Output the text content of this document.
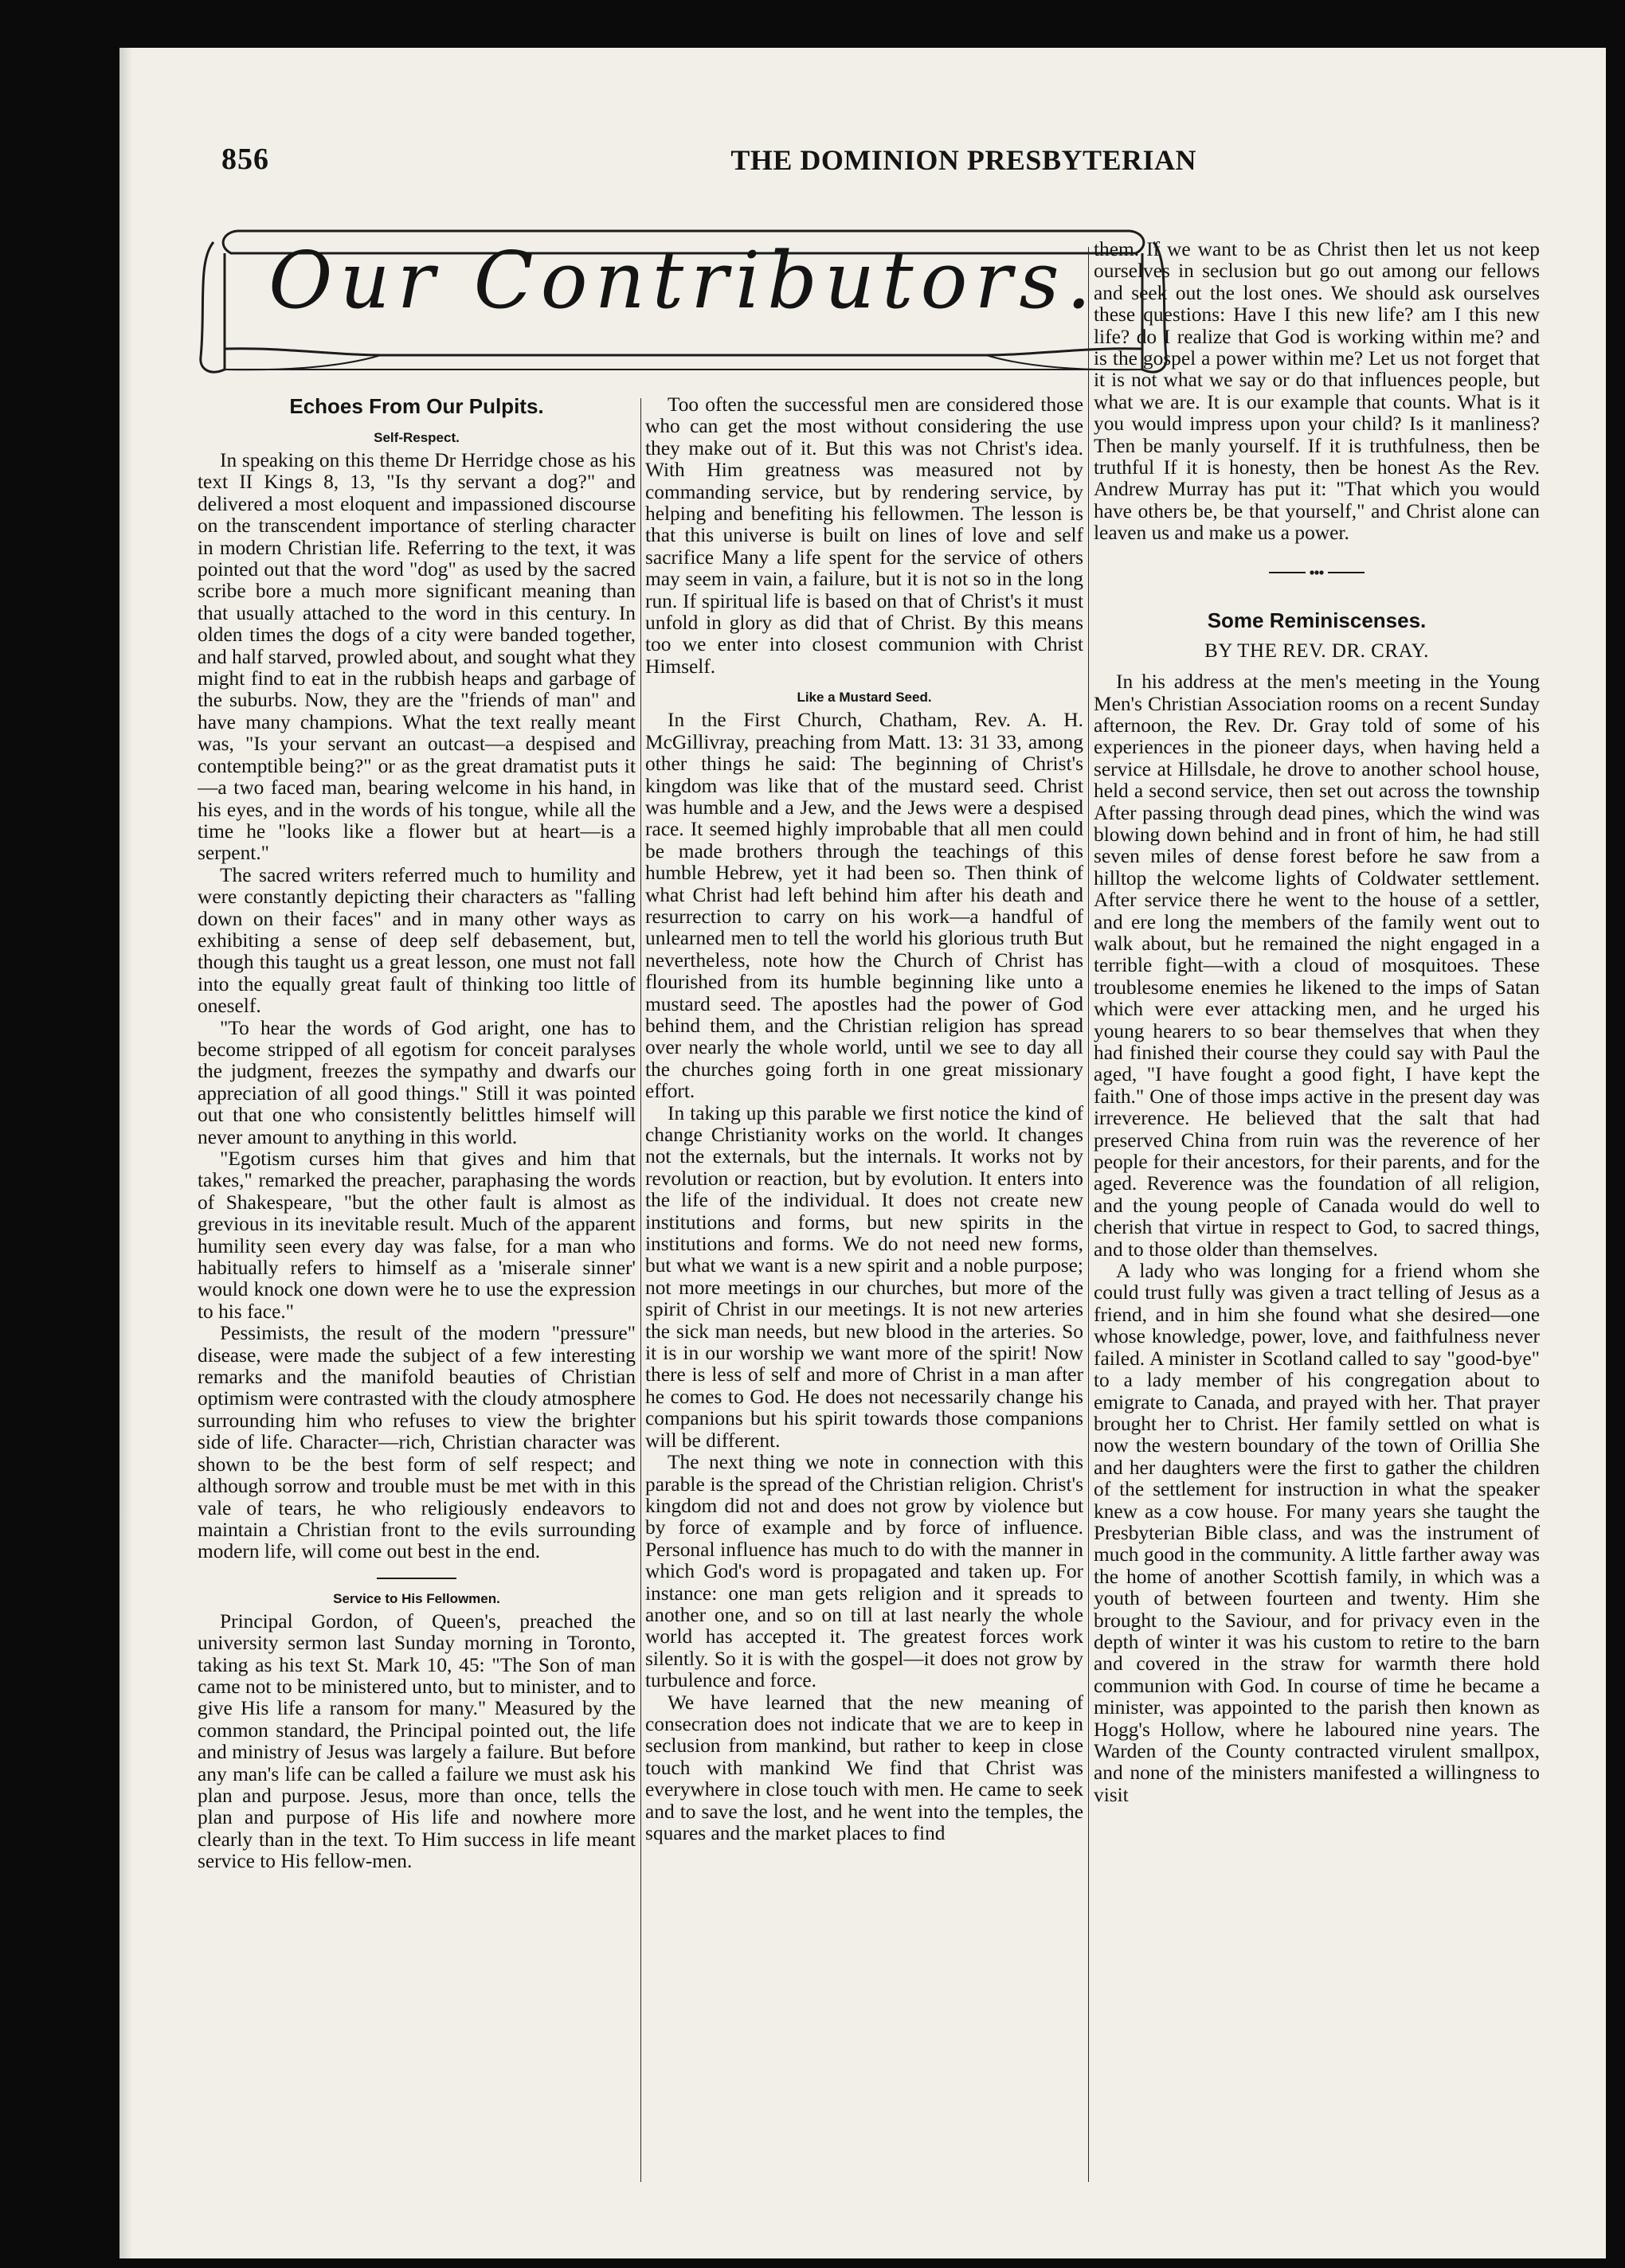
856	THE DOMINION PRESBYTERIAN
Our Contributors.
Echoes From Our Pulpits.
Self-Respect.

In speaking on this theme Dr Herridge chose as his text II Kings 8, 13, "Is thy servant a dog?" and delivered a most eloquent and impassioned discourse on the transcendent importance of sterling character in modern Christian life. Referring to the text, it was pointed out that the word "dog" as used by the sacred scribe bore a much more significant meaning than that usually attached to the word in this century. In olden times the dogs of a city were banded together, and half starved, prowled about, and sought what they might find to eat in the rubbish heaps and garbage of the suburbs. Now, they are the "friends of man" and have many champions. What the text really meant was, "Is your servant an outcast—a despised and contemptible being?" or as the great dramatist puts it—a two faced man, bearing welcome in his hand, in his eyes, and in the words of his tongue, while all the time he "looks like a flower but at heart—is a serpent."

The sacred writers referred much to humility and were constantly depicting their characters as "falling down on their faces" and in many other ways as exhibiting a sense of deep self debasement, but, though this taught us a great lesson, one must not fall into the equally great fault of thinking too little of oneself.

"To hear the words of God aright, one has to become stripped of all egotism for conceit paralyses the judgment, freezes the sympathy and dwarfs our appreciation of all good things." Still it was pointed out that one who consistently belittles himself will never amount to anything in this world.

"Egotism curses him that gives and him that takes," remarked the preacher, paraphasing the words of Shakespeare, "but the other fault is almost as grevious in its inevitable result. Much of the apparent humility seen every day was false, for a man who habitually refers to himself as a 'miserale sinner' would knock one down were he to use the expression to his face."

Pessimists, the result of the modern "pressure" disease, were made the subject of a few interesting remarks and the manifold beauties of Christian optimism were contrasted with the cloudy atmosphere surrounding him who refuses to view the brighter side of life. Character—rich, Christian character was shown to be the best form of self respect; and although sorrow and trouble must be met with in this vale of tears, he who religiously endeavors to maintain a Christian front to the evils surrounding modern life, will come out best in the end.

Service to His Fellowmen.

Principal Gordon, of Queen's, preached the university sermon last Sunday morning in Toronto, taking as his text St. Mark 10, 45: "The Son of man came not to be ministered unto, but to minister, and to give His life a ransom for many." Measured by the common standard, the Principal pointed out, the life and ministry of Jesus was largely a failure. But before any man's life can be called a failure we must ask his plan and purpose. Jesus, more than once, tells the plan and purpose of His life and nowhere more clearly than in the text. To Him success in life meant service to His fellow-men.

Too often the successful men are considered those who can get the most without considering the use they make out of it. But this was not Christ's idea. With Him greatness was measured not by commanding service, but by rendering service, by helping and benefiting his fellowmen. The lesson is that this universe is built on lines of love and self sacrifice Many a life spent for the service of others may seem in vain, a failure, but it is not so in the long run. If spiritual life is based on that of Christ's it must unfold in glory as did that of Christ. By this means too we enter into closest communion with Christ Himself.

Like a Mustard Seed.

In the First Church, Chatham, Rev. A. H. McGillivray, preaching from Matt. 13: 31 33, among other things he said: The beginning of Christ's kingdom was like that of the mustard seed. Christ was humble and a Jew, and the Jews were a despised race. It seemed highly improbable that all men could be made brothers through the teachings of this humble Hebrew, yet it had been so. Then think of what Christ had left behind him after his death and resurrection to carry on his work—a handful of unlearned men to tell the world his glorious truth But nevertheless, note how the Church of Christ has flourished from its humble beginning like unto a mustard seed. The apostles had the power of God behind them, and the Christian religion has spread over nearly the whole world, until we see to day all the churches going forth in one great missionary effort.

In taking up this parable we first notice the kind of change Christianity works on the world. It changes not the externals, but the internals. It works not by revolution or reaction, but by evolution. It enters into the life of the individual. It does not create new institutions and forms, but new spirits in the institutions and forms. We do not need new forms, but what we want is a new spirit and a noble purpose; not more meetings in our churches, but more of the spirit of Christ in our meetings. It is not new arteries the sick man needs, but new blood in the arteries. So it is in our worship we want more of the spirit! Now there is less of self and more of Christ in a man after he comes to God. He does not necessarily change his companions but his spirit towards those companions will be different.

The next thing we note in connection with this parable is the spread of the Christian religion. Christ's kingdom did not and does not grow by violence but by force of example and by force of influence. Personal influence has much to do with the manner in which God's word is propagated and taken up. For instance: one man gets religion and it spreads to another one, and so on till at last nearly the whole world has accepted it. The greatest forces work silently. So it is with the gospel—it does not grow by turbulence and force.

We have learned that the new meaning of consecration does not indicate that we are to keep in seclusion from mankind, but rather to keep in close touch with mankind We find that Christ was everywhere in close touch with men. He came to seek and to save the lost, and he went into the temples, the squares and the market places to find

them. If we want to be as Christ then let us not keep ourselves in seclusion but go out among our fellows and seek out the lost ones. We should ask ourselves these questions: Have I this new life? am I this new life? do I realize that God is working within me? and is the gospel a power within me? Let us not forget that it is not what we say or do that influences people, but what we are. It is our example that counts. What is it you would impress upon your child? Is it manliness? Then be manly yourself. If it is truthfulness, then be truthful If it is honesty, then be honest As the Rev. Andrew Murray has put it: "That which you would have others be, be that yourself," and Christ alone can leaven us and make us a power.

Some Reminiscenses.
BY THE REV. DR. CRAY.

In his address at the men's meeting in the Young Men's Christian Association rooms on a recent Sunday afternoon, the Rev. Dr. Gray told of some of his experiences in the pioneer days, when having held a service at Hillsdale, he drove to another school house, held a second service, then set out across the township After passing through dead pines, which the wind was blowing down behind and in front of him, he had still seven miles of dense forest before he saw from a hilltop the welcome lights of Coldwater settlement. After service there he went to the house of a settler, and ere long the members of the family went out to walk about, but he remained the night engaged in a terrible fight—with a cloud of mosquitoes. These troublesome enemies he likened to the imps of Satan which were ever attacking men, and he urged his young hearers to so bear themselves that when they had finished their course they could say with Paul the aged, "I have fought a good fight, I have kept the faith." One of those imps active in the present day was irreverence. He believed that the salt that had preserved China from ruin was the reverence of her people for their ancestors, for their parents, and for the aged. Reverence was the foundation of all religion, and the young people of Canada would do well to cherish that virtue in respect to God, to sacred things, and to those older than themselves.

A lady who was longing for a friend whom she could trust fully was given a tract telling of Jesus as a friend, and in him she found what she desired—one whose knowledge, power, love, and faithfulness never failed. A minister in Scotland called to say "good-bye" to a lady member of his congregation about to emigrate to Canada, and prayed with her. That prayer brought her to Christ. Her family settled on what is now the western boundary of the town of Orillia She and her daughters were the first to gather the children of the settlement for instruction in what the speaker knew as a cow house. For many years she taught the Presbyterian Bible class, and was the instrument of much good in the community. A little farther away was the home of another Scottish family, in which was a youth of between fourteen and twenty. Him she brought to the Saviour, and for privacy even in the depth of winter it was his custom to retire to the barn and covered in the straw for warmth there hold communion with God. In course of time he became a minister, was appointed to the parish then known as Hogg's Hollow, where he laboured nine years. The Warden of the County contracted virulent smallpox, and none of the ministers manifested a willingness to visit
